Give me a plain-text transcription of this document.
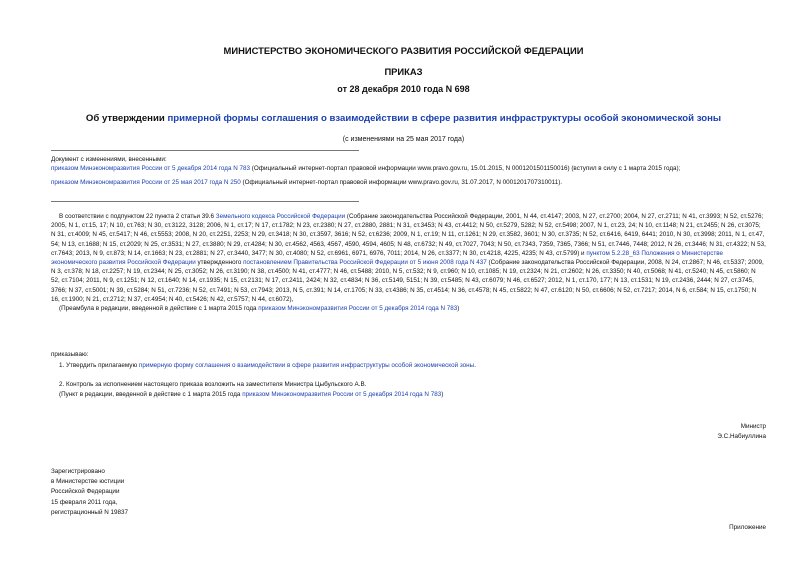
МИНИСТЕРСТВО ЭКОНОМИЧЕСКОГО РАЗВИТИЯ РОССИЙСКОЙ ФЕДЕРАЦИИ
ПРИКАЗ
от 28 декабря 2010 года N 698
Об утверждении примерной формы соглашения о взаимодействии в сфере развития инфраструктуры особой экономической зоны
(с изменениями на 25 мая 2017 года)

Документ с изменениями, внесенными:

приказом Минэкономразвития России от 5 декабря 2014 года N 783 (Официальный интернет-портал правовой информации www.pravo.gov.ru, 15.01.2015, N 0001201501150016) (вступил в силу с 1 марта 2015 года);

приказом Минэкономразвития России от 25 мая 2017 года N 250 (Официальный интернет-портал правовой информации www.pravo.gov.ru, 31.07.2017, N 0001201707310011).

В соответствии с подпунктом 22 пункта 2 статьи 39.6 Земельного кодекса Российской Федерации (Собрание законодательства Российской Федерации, 2001, N 44, ст.4147; 2003, N 27, ст.2700; 2004, N 27, ст.2711; N 41, ст.3993; N 52, ст.5276; 2005, N 1, ст.15, 17; N 10, ст.763; N 30, ст.3122, 3128; 2006, N 1, ст.17; N 17, ст.1782; N 23, ст.2380; N 27, ст.2880, 2881; N 31, ст.3453; N 43, ст.4412; N 50, ст.5279, 5282; N 52, ст.5498; 2007, N 1, ст.23, 24; N 10, ст.1148; N 21, ст.2455; N 26, ст.3075; N 31, ст.4009; N 45, ст.5417; N 46, ст.5553; 2008, N 20, ст.2251, 2253; N 29, ст.3418; N 30, ст.3597, 3616; N 52, ст.6236; 2009, N 1, ст.19; N 11, ст.1261; N 29, ст.3582, 3601; N 30, ст.3735; N 52, ст.6416, 6419, 6441; 2010, N 30, ст.3998; 2011, N 1, ст.47, 54; N 13, ст.1688; N 15, ст.2029; N 25, ст.3531; N 27, ст.3880; N 29, ст.4284; N 30, ст.4562, 4563, 4567, 4590, 4594, 4605; N 48, ст.6732; N 49, ст.7027, 7043; N 50, ст.7343, 7359, 7365, 7366; N 51, ст.7446, 7448; 2012, N 26, ст.3446; N 31, ст.4322; N 53, ст.7643; 2013, N 9, ст.873; N 14, ст.1663; N 23, ст.2881; N 27, ст.3440, 3477; N 30, ст.4080; N 52, ст.6961, 6971, 6976, 7011; 2014, N 26, ст.3377; N 30, ст.4218, 4225, 4235; N 43, ст.5799) и пунктом 5.2.28_63 Положения о Министерстве экономического развития Российской Федерации утвержденного постановлением Правительства Российской Федерации от 5 июня 2008 года N 437 (Собрание законодательства Российской Федерации, 2008, N 24, ст.2867; N 46, ст.5337; 2009, N 3, ст.378; N 18, ст.2257; N 19, ст.2344; N 25, ст.3052; N 26, ст.3190; N 38, ст.4500; N 41, ст.4777; N 46, ст.5488; 2010, N 5, ст.532; N 9, ст.960; N 10, ст.1085; N 19, ст.2324; N 21, ст.2602; N 26, ст.3350; N 40, ст.5068; N 41, ст.5240; N 45, ст.5860; N 52, ст.7104; 2011, N 9, ст.1251; N 12, ст.1640; N 14, ст.1935; N 15, ст.2131; N 17, ст.2411, 2424; N 32, ст.4834; N 36, ст.5149, 5151; N 39, ст.5485; N 43, ст.6079; N 46, ст.6527; 2012, N 1, ст.170, 177; N 13, ст.1531; N 19, ст.2436, 2444; N 27, ст.3745, 3766; N 37, ст.5001; N 39, ст.5284; N 51, ст.7236; N 52, ст.7491; N 53, ст.7943; 2013, N 5, ст.391; N 14, ст.1705; N 33, ст.4386; N 35, ст.4514; N 36, ст.4578; N 45, ст.5822; N 47, ст.6120; N 50, ст.6606; N 52, ст.7217; 2014, N 6, ст.584; N 15, ст.1750; N 16, ст.1900; N 21, ст.2712; N 37, ст.4954; N 40, ст.5426; N 42, ст.5757; N 44, ст.6072),

(Преамбула в редакции, введенной в действие с 1 марта 2015 года приказом Минэкономразвития России от 5 декабря 2014 года N 783)

приказываю:
1. Утвердить прилагаемую примерную форму соглашения о взаимодействии в сфере развития инфраструктуры особой экономической зоны.
2. Контроль за исполнением настоящего приказа возложить на заместителя Министра Цыбульского А.В.
(Пункт в редакции, введенной в действие с 1 марта 2015 года приказом Минэкономразвития России от 5 декабря 2014 года N 783)
Министр
Э.С.Набиуллина
Зарегистрировано
в Министерстве юстиции
Российской Федерации
15 февраля 2011 года,
регистрационный N 19837
Приложение
